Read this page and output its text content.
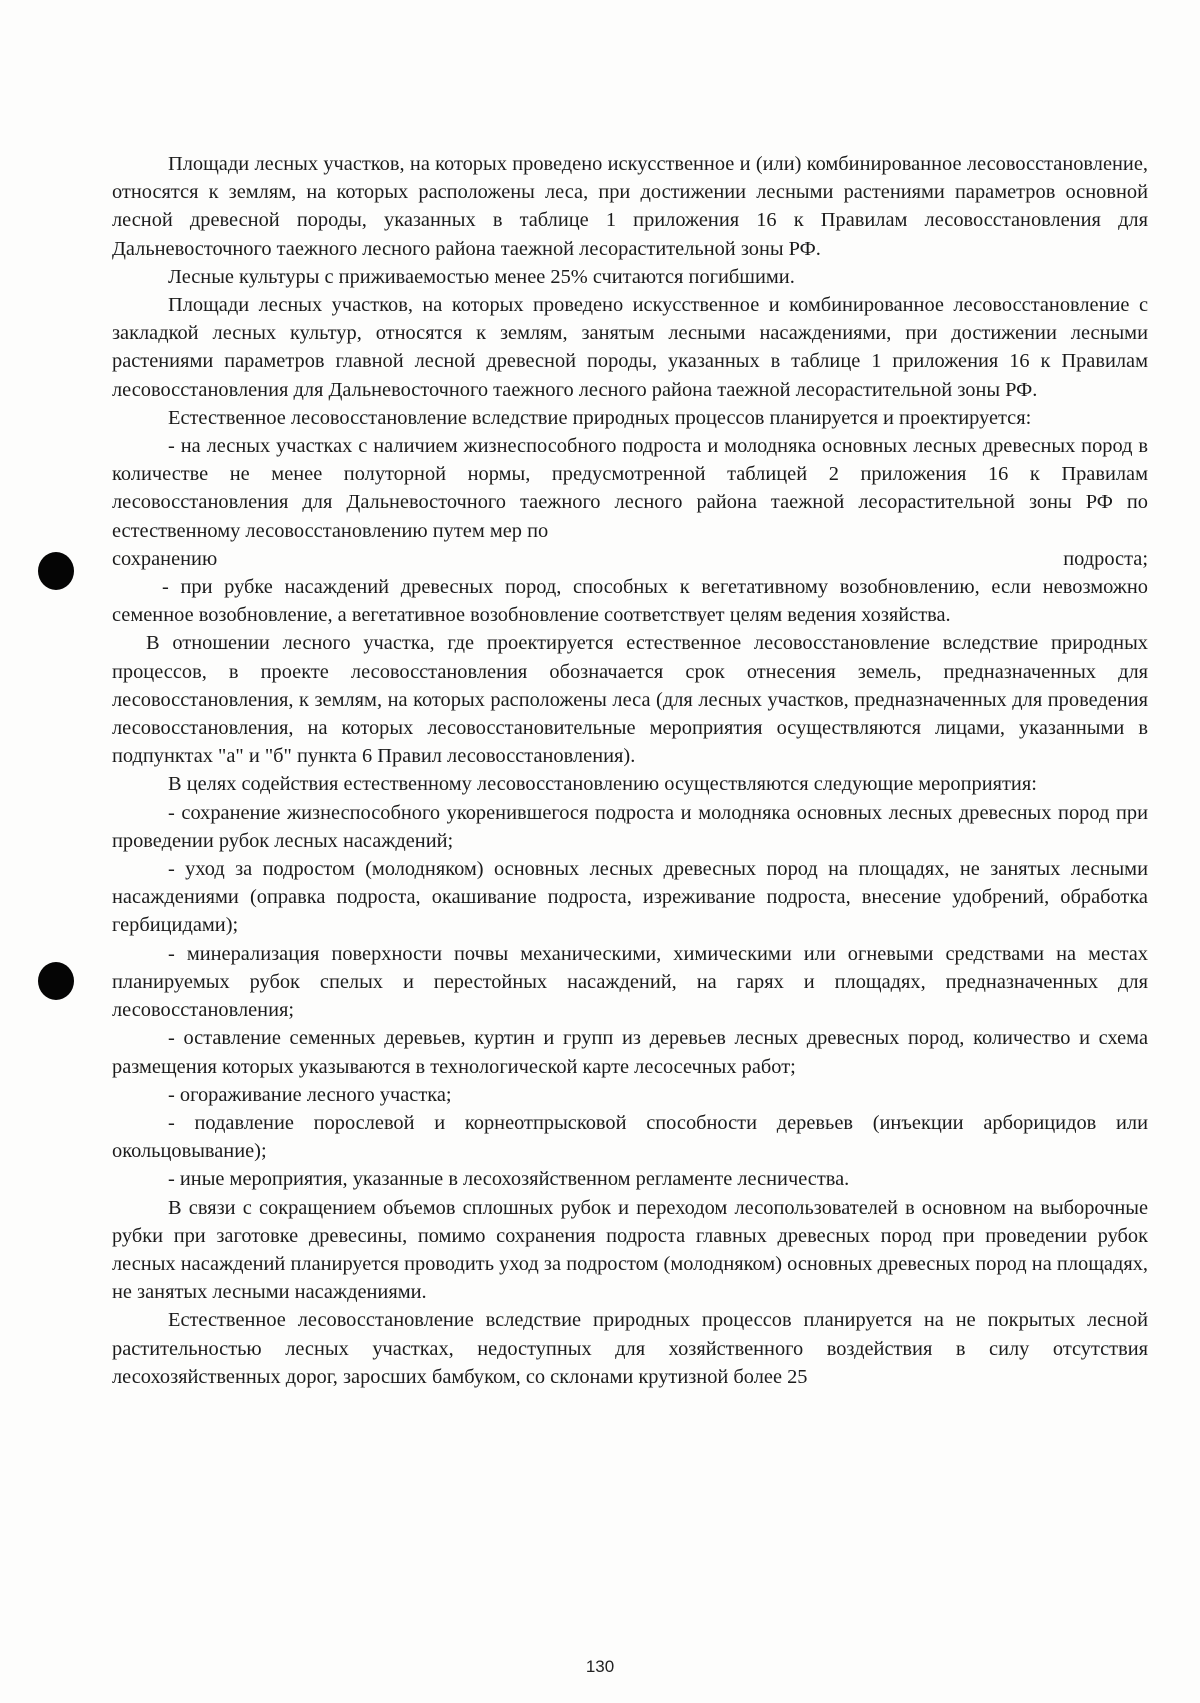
Площади лесных участков, на которых проведено искусственное и (или) комбинированное лесовосстановление, относятся к землям, на которых расположены леса, при достижении лесными растениями параметров основной лесной древесной породы, указанных в таблице 1 приложения 16 к Правилам лесовосстановления для Дальневосточного таежного лесного района таежной лесорастительной зоны РФ.

Лесные культуры с приживаемостью менее 25% считаются погибшими.

Площади лесных участков, на которых проведено искусственное и комбинированное лесовосстановление с закладкой лесных культур, относятся к землям, занятым лесными насаждениями, при достижении лесными растениями параметров главной лесной древесной породы, указанных в таблице 1 приложения 16 к Правилам лесовосстановления для Дальневосточного таежного лесного района таежной лесорастительной зоны РФ.

Естественное лесовосстановление вследствие природных процессов планируется и проектируется:

- на лесных участках с наличием жизнеспособного подроста и молодняка основных лесных древесных пород в количестве не менее полуторной нормы, предусмотренной таблицей 2 приложения 16 к Правилам лесовосстановления для Дальневосточного таежного лесного района таежной лесорастительной зоны РФ по естественному лесовосстановлению путем мер по

сохранению	подроста;

- при рубке насаждений древесных пород, способных к вегетативному возобновлению, если невозможно семенное возобновление, а вегетативное возобновление соответствует целям ведения хозяйства.

В отношении лесного участка, где проектируется естественное лесовосстановление вследствие природных процессов, в проекте лесовосстановления обозначается срок отнесения земель, предназначенных для лесовосстановления, к землям, на которых расположены леса (для лесных участков, предназначенных для проведения лесовосстановления, на которых лесовосстановительные мероприятия осуществляются лицами, указанными в подпунктах "а" и "б" пункта 6 Правил лесовосстановления).

В целях содействия естественному лесовосстановлению осуществляются следующие мероприятия:

- сохранение жизнеспособного укоренившегося подроста и молодняка основных лесных древесных пород при проведении рубок лесных насаждений;

- уход за подростом (молодняком) основных лесных древесных пород на площадях, не занятых лесными насаждениями (оправка подроста, окашивание подроста, изреживание подроста, внесение удобрений, обработка гербицидами);

- минерализация поверхности почвы механическими, химическими или огневыми средствами на местах планируемых рубок спелых и перестойных насаждений, на гарях и площадях, предназначенных для лесовосстановления;

- оставление семенных деревьев, куртин и групп из деревьев лесных древесных пород, количество и схема размещения которых указываются в технологической карте лесосечных работ;

- огораживание лесного участка;

- подавление порослевой и корнеотпрысковой способности деревьев (инъекции арборицидов или окольцовывание);

- иные мероприятия, указанные в лесохозяйственном регламенте лесничества.

В связи с сокращением объемов сплошных рубок и переходом лесопользователей в основном на выборочные рубки при заготовке древесины, помимо сохранения подроста главных древесных пород при проведении рубок лесных насаждений планируется проводить уход за подростом (молодняком) основных древесных пород на площадях, не занятых лесными насаждениями.

Естественное лесовосстановление вследствие природных процессов планируется на не покрытых лесной растительностью лесных участках, недоступных для хозяйственного воздействия в силу отсутствия лесохозяйственных дорог, заросших бамбуком, со склонами крутизной более 25

130
